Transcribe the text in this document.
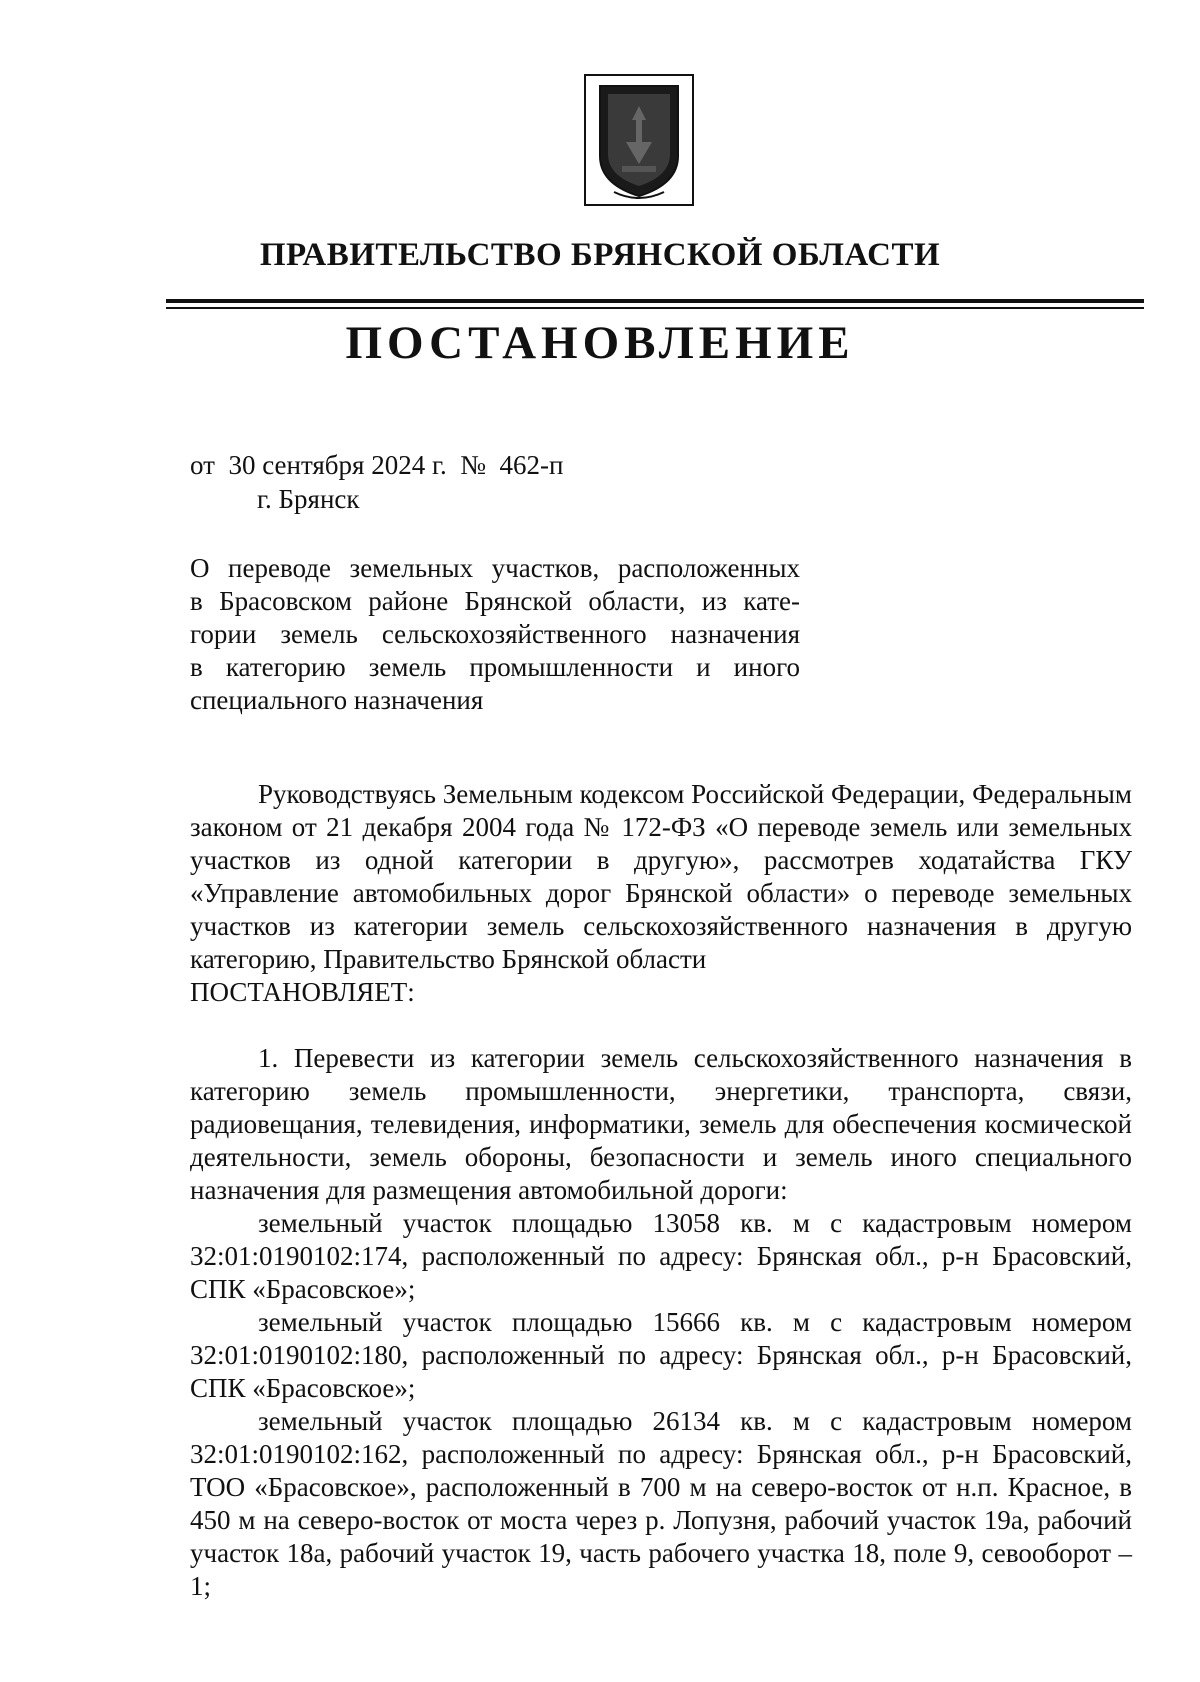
ПРАВИТЕЛЬСТВО БРЯНСКОЙ ОБЛАСТИ
ПОСТАНОВЛЕНИЕ
от  30 сентября 2024 г.  №  462-п
г. Брянск

О переводе земельных участков, расположенных
в Брасовском районе Брянской области, из кате-
гории земель сельскохозяйственного назначения
в категорию земель промышленности и иного
специального назначения

Руководствуясь Земельным кодексом Российской Федерации, Федеральным законом от 21 декабря 2004 года № 172-ФЗ «О переводе земель или земельных участков из одной категории в другую», рассмотрев ходатайства ГКУ «Управление автомобильных дорог Брянской области» о переводе земельных участков из категории земель сельскохозяйственного назначения в другую категорию, Правительство Брянской области

ПОСТАНОВЛЯЕТ:

1. Перевести из категории земель сельскохозяйственного назначения в категорию земель промышленности, энергетики, транспорта, связи, радиовещания, телевидения, информатики, земель для обеспечения космической деятельности, земель обороны, безопасности и земель иного специального назначения для размещения автомобильной дороги:

земельный участок площадью 13058 кв. м с кадастровым номером 32:01:0190102:174, расположенный по адресу: Брянская обл., р-н Брасовский, СПК «Брасовское»;

земельный участок площадью 15666 кв. м с кадастровым номером 32:01:0190102:180, расположенный по адресу: Брянская обл., р-н Брасовский, СПК «Брасовское»;

земельный участок площадью 26134 кв. м с кадастровым номером 32:01:0190102:162, расположенный по адресу: Брянская обл., р-н Брасовский, ТОО «Брасовское», расположенный в 700 м на северо-восток от н.п. Красное, в 450 м на северо-восток от моста через р. Лопузня, рабочий участок 19а, рабочий участок 18а, рабочий участок 19, часть рабочего участка 18, поле 9, севооборот – 1;
